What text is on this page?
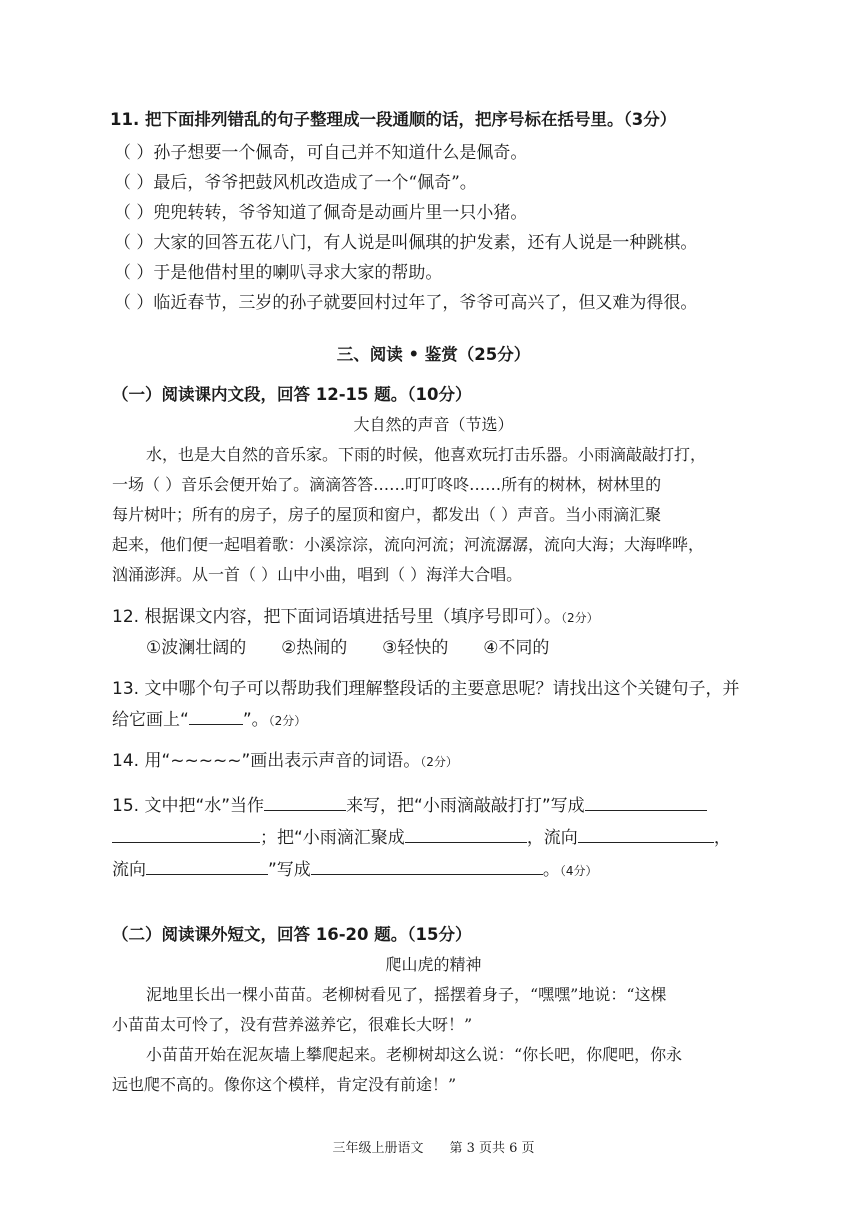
11. 把下面排列错乱的句子整理成一段通顺的话，把序号标在括号里。（3分）
（ ）孙子想要一个佩奇，可自己并不知道什么是佩奇。
（ ）最后，爷爷把鼓风机改造成了一个“佩奇”。
（ ）兜兜转转，爷爷知道了佩奇是动画片里一只小猪。
（ ）大家的回答五花八门，有人说是叫佩琪的护发素，还有人说是一种跳棋。
（ ）于是他借村里的喇叭寻求大家的帮助。
（ ）临近春节，三岁的孙子就要回村过年了，爷爷可高兴了，但又难为得很。
三、阅读 • 鉴赏（25分）
（一）阅读课内文段，回答 12-15 题。（10分）
大自然的声音（节选）
水，也是大自然的音乐家。下雨的时候，他喜欢玩打击乐器。小雨滴敲敲打打，
一场（ ）音乐会便开始了。滴滴答答……叮叮咚咚……所有的树林，树林里的
每片树叶；所有的房子，房子的屋顶和窗户，都发出（ ）声音。当小雨滴汇聚
起来，他们便一起唱着歌：小溪淙淙，流向河流；河流潺潺，流向大海；大海哗哗，
汹涌澎湃。从一首（ ）山中小曲，唱到（ ）海洋大合唱。
12. 根据课文内容，把下面词语填进括号里（填序号即可）。（2分）
①波澜壮阔的 ②热闹的 ③轻快的 ④不同的
13. 文中哪个句子可以帮助我们理解整段话的主要意思呢？请找出这个关键句子，并
给它画上“	”。（2分）
14. 用“~~~~~”画出表示声音的词语。（2分）
15. 文中把“水”当作	来写，把“小雨滴敲敲打打”写成
；把“小雨滴汇聚成	，流向	，
流向	”写成	。（4分）
（二）阅读课外短文，回答 16-20 题。（15分）
爬山虎的精神
泥地里长出一棵小苗苗。老柳树看见了，摇摆着身子，“嘿嘿”地说：“这棵
小苗苗太可怜了，没有营养滋养它，很难长大呀！”
小苗苗开始在泥灰墙上攀爬起来。老柳树却这么说：“你长吧，你爬吧，你永
远也爬不高的。像你这个模样，肯定没有前途！”
三年级上册语文　　第 3 页共 6 页
